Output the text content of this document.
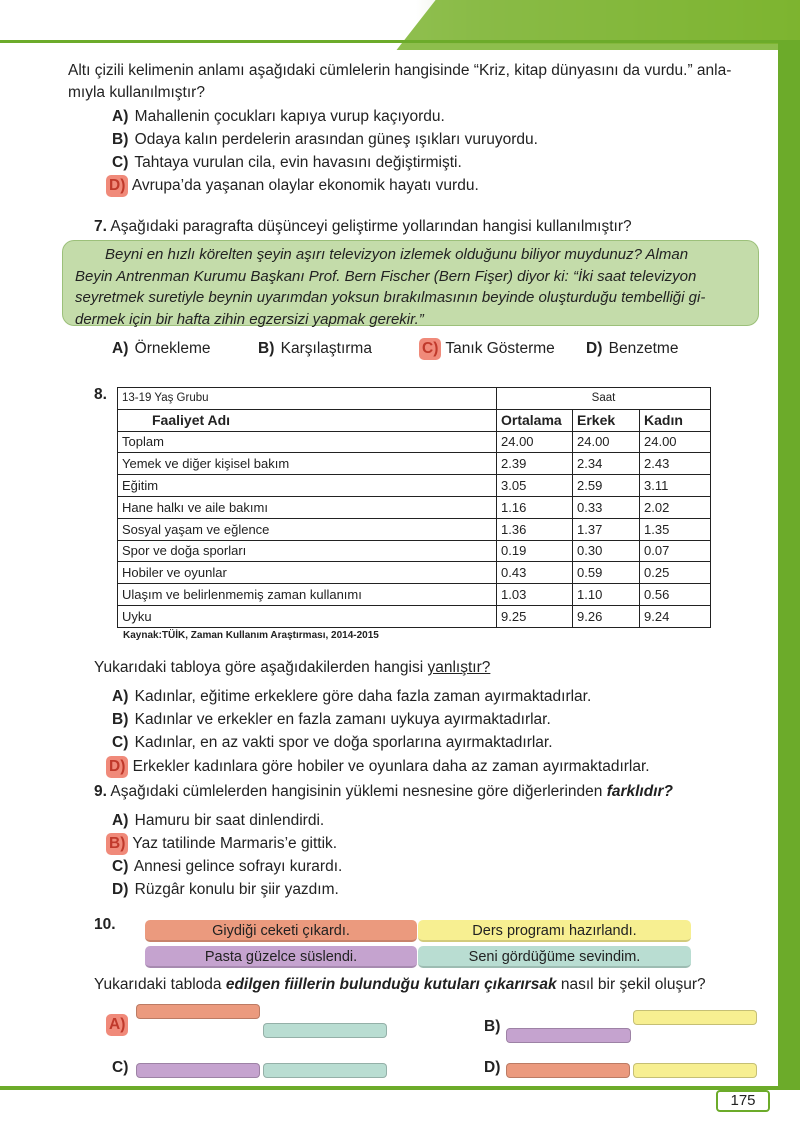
175
Altı çizili kelimenin anlamı aşağıdaki cümlelerin hangisinde “Kriz, kitap dünyasını da vurdu.” anla-
mıyla kullanılmıştır?
A) Mahallenin çocukları kapıya vurup kaçıyordu.
B) Odaya kalın perdelerin arasından güneş ışıkları vuruyordu.
C) Tahtaya vurulan cila, evin havasını değiştirmişti.
D) Avrupa’da yaşanan olaylar ekonomik hayatı vurdu.
7. Aşağıdaki paragrafta düşünceyi geliştirme yollarından hangisi kullanılmıştır?
Beyni en hızlı körelten şeyin aşırı televizyon izlemek olduğunu biliyor muydunuz? Alman
Beyin Antrenman Kurumu Başkanı Prof. Bern Fischer (Bern Fişer) diyor ki: “İki saat televizyon
seyretmek suretiyle beynin uyarımdan yoksun bırakılmasının beyinde oluşturduğu tembelliği gi-
dermek için bir hafta zihin egzersizi yapmak gerekir.”
A) Örnekleme	B) Karşılaştırma	C) Tanık Gösterme D) Benzetme
8. 13-19 Yaş Grubu	Saat		
Faaliyet Adı	Ortalama	Erkek	Kadın
Toplam	24.00	24.00	24.00
Yemek ve diğer kişisel bakım	2.39	2.34	2.43
Eğitim	3.05	2.59	3.11
Hane halkı ve aile bakımı	1.16	0.33	2.02
Sosyal yaşam ve eğlence	1.36	1.37	1.35
Spor ve doğa sporları	0.19	0.30	0.07
Hobiler ve oyunlar	0.43	0.59	0.25
Ulaşım ve belirlenmemiş zaman kullanımı	1.03	1.10	0.56
Uyku	9.25	9.26	9.24
Kaynak:TÜİK, Zaman Kullanım Araştırması, 2014-2015
Yukarıdaki tabloya göre aşağıdakilerden hangisi yanlıştır?
A) Kadınlar, eğitime erkeklere göre daha fazla zaman ayırmaktadırlar.
B) Kadınlar ve erkekler en fazla zamanı uykuya ayırmaktadırlar.
C) Kadınlar, en az vakti spor ve doğa sporlarına ayırmaktadırlar.
D) Erkekler kadınlara göre hobiler ve oyunlara daha az zaman ayırmaktadırlar.
9. Aşağıdaki cümlelerden hangisinin yüklemi nesnesine göre diğerlerinden farklıdır?
A) Hamuru bir saat dinlendirdi.
B) Yaz tatilinde Marmaris’e gittik.
C) Annesi gelince sofrayı kurardı.
D) Rüzgâr konulu bir şiir yazdım.
10.	Giydiği ceketi çıkardı.	Ders programı hazırlandı.
Pasta güzelce süslendi.	Seni gördüğüme sevindim.
Yukarıdaki tabloda edilgen fiillerin bulunduğu kutuları çıkarırsak nasıl bir şekil oluşur?
A)	B)
C)	D)
